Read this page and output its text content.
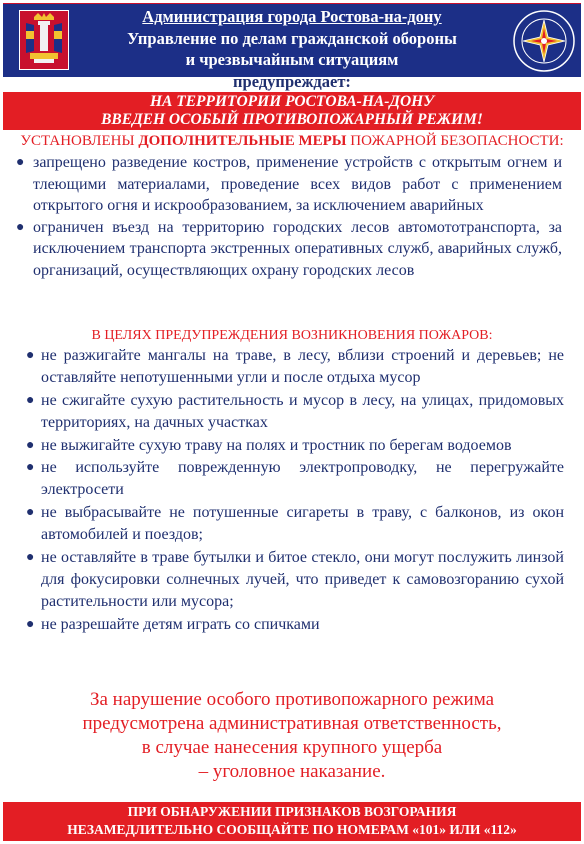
Администрация города Ростова-на-дону
Управление по делам гражданской обороны
и чрезвычайным ситуациям
предупреждает:
НА ТЕРРИТОРИИ РОСТОВА-НА-ДОНУ
ВВЕДЕН ОСОБЫЙ ПРОТИВОПОЖАРНЫЙ РЕЖИМ!
УСТАНОВЛЕНЫ ДОПОЛНИТЕЛЬНЫЕ МЕРЫ ПОЖАРНОЙ БЕЗОПАСНОСТИ:
● запрещено разведение костров, применение устройств с открытым огнем и тлеющими материалами, проведение всех видов работ с применением открытого огня и искрообразованием, за исключением аварийных
● ограничен въезд на территорию городских лесов автомототранспорта, за исключением транспорта экстренных оперативных служб, аварийных служб, организаций, осуществляющих охрану городских лесов
В ЦЕЛЯХ ПРЕДУПРЕЖДЕНИЯ ВОЗНИКНОВЕНИЯ ПОЖАРОВ:
● не разжигайте мангалы на траве, в лесу, вблизи строений и деревьев; не оставляйте непотушенными угли и после отдыха мусор
● не сжигайте сухую растительность и мусор в лесу, на улицах, придомовых территориях, на дачных участках
● не выжигайте сухую траву на полях и тростник по берегам водоемов
● не используйте поврежденную электропроводку, не перегружайте электросети
● не выбрасывайте не потушенные сигареты в траву, с балконов, из окон автомобилей и поездов;
● не оставляйте в траве бутылки и битое стекло, они могут послужить линзой для фокусировки солнечных лучей, что приведет к самовозгоранию сухой растительности или мусора;
● не разрешайте детям играть со спичками
За нарушение особого противопожарного режима
предусмотрена административная ответственность,
в случае нанесения крупного ущерба
– уголовное наказание.
ПРИ ОБНАРУЖЕНИИ ПРИЗНАКОВ ВОЗГОРАНИЯ
НЕЗАМЕДЛИТЕЛЬНО СООБЩАЙТЕ ПО НОМЕРАМ «101» ИЛИ «112»
